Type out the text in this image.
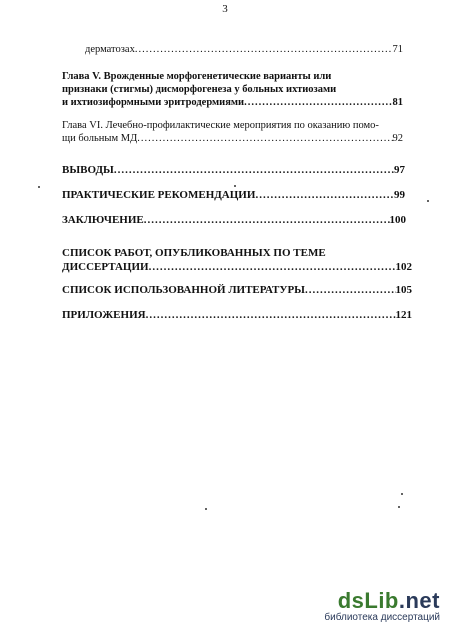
3
дерматозах .....	71
Глава V. Врожденные морфогенетические варианты или
признаки (стигмы) дисморфогенеза у больных ихтиозами
и ихтиозиформными эритродермиями .....	81
Глава VI. Лечебно-профилактические мероприятия по оказанию помо-
щи больным МД .....	92
ВЫВОДЫ .....	97
ПРАКТИЧЕСКИЕ РЕКОМЕНДАЦИИ .....	99
ЗАКЛЮЧЕНИЕ .....	100
СПИСОК РАБОТ, ОПУБЛИКОВАННЫХ ПО ТЕМЕ
ДИССЕРТАЦИИ .....	102
СПИСОК ИСПОЛЬЗОВАННОЙ ЛИТЕРАТУРЫ .....	105
ПРИЛОЖЕНИЯ .....	121
dsLib.net
библиотека диссертаций
